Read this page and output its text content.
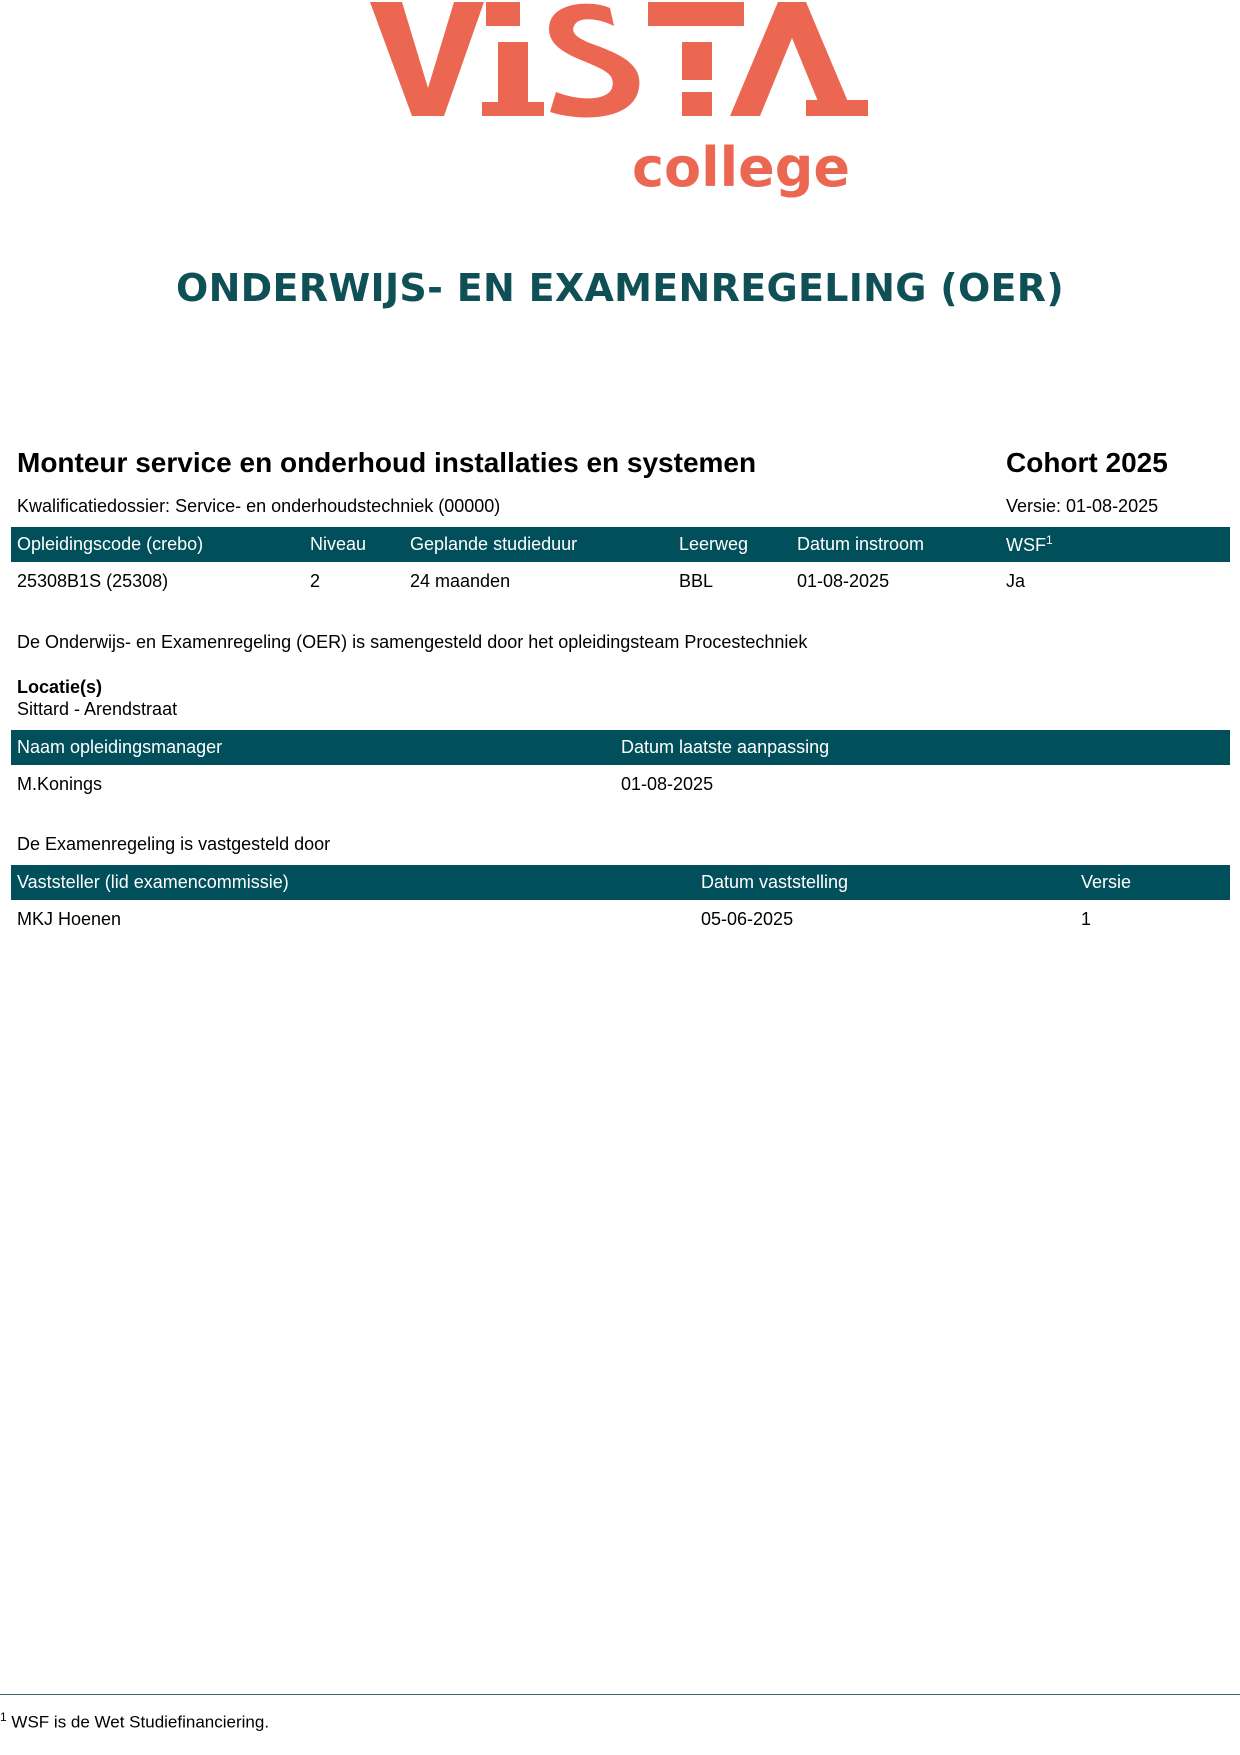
college
ONDERWIJS- EN EXAMENREGELING (OER)
Monteur service en onderhoud installaties en systemen	Cohort 2025
Kwalificatiedossier: Service- en onderhoudstechniek (00000)	Versie: 01-08-2025
Opleidingscode (crebo)	Niveau	Geplande studieduur	Leerweg	Datum instroom	WSF$^1$
25308B1S (25308)	2	24 maanden	BBL	01-08-2025	Ja
De Onderwijs- en Examenregeling (OER) is samengesteld door het opleidingsteam Procestechniek
Locatie(s)
Sittard - Arendstraat
Naam opleidingsmanager	Datum laatste aanpassing
M.Konings	01-08-2025
De Examenregeling is vastgesteld door
Vaststeller (lid examencommissie)	Datum vaststelling	Versie
MKJ Hoenen	05-06-2025	1
$^1$ WSF is de Wet Studiefinanciering.
